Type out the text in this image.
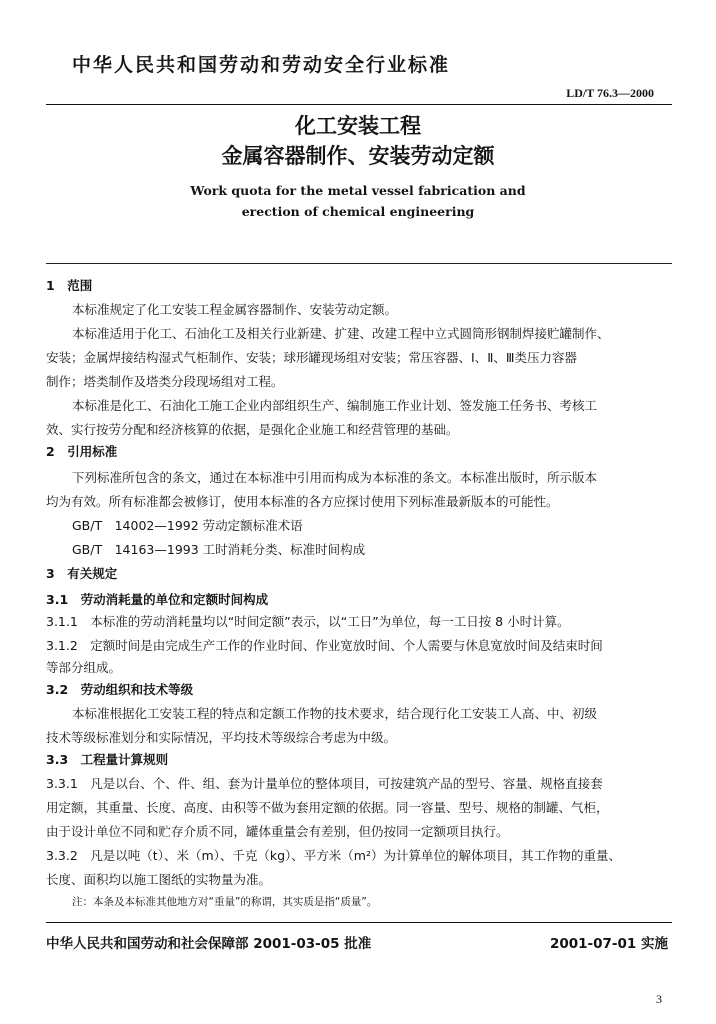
中华人民共和国劳动和劳动安全行业标准
LD/T 76.3—2000
化工安装工程
金属容器制作、安装劳动定额
Work quota for the metal vessel fabrication and
erection of chemical engineering
1　范围
本标准规定了化工安装工程金属容器制作、安装劳动定额。
本标准适用于化工、石油化工及相关行业新建、扩建、改建工程中立式圆筒形钢制焊接贮罐制作、
安装；金属焊接结构湿式气柜制作、安装；球形罐现场组对安装；常压容器、Ⅰ、Ⅱ、Ⅲ类压力容器
制作；塔类制作及塔类分段现场组对工程。
本标准是化工、石油化工施工企业内部组织生产、编制施工作业计划、签发施工任务书、考核工
效、实行按劳分配和经济核算的依据，是强化企业施工和经营管理的基础。
2　引用标准
下列标准所包含的条文，通过在本标准中引用而构成为本标准的条文。本标准出版时，所示版本
均为有效。所有标准都会被修订，使用本标准的各方应探讨使用下列标准最新版本的可能性。
GB/T　14002—1992 劳动定额标准术语
GB/T　14163—1993 工时消耗分类、标准时间构成
3　有关规定
3.1　劳动消耗量的单位和定额时间构成
3.1.1　本标准的劳动消耗量均以“时间定额”表示，以“工日”为单位，每一工日按 8 小时计算。
3.1.2　定额时间是由完成生产工作的作业时间、作业宽放时间、个人需要与休息宽放时间及结束时间
等部分组成。
3.2　劳动组织和技术等级
本标准根据化工安装工程的特点和定额工作物的技术要求，结合现行化工安装工人高、中、初级
技术等级标准划分和实际情况，平均技术等级综合考虑为中级。
3.3　工程量计算规则
3.3.1　凡是以台、个、件、组、套为计量单位的整体项目，可按建筑产品的型号、容量、规格直接套
用定额，其重量、长度、高度、由积等不做为套用定额的依据。同一容量、型号、规格的制罐、气柜，
由于设计单位不同和贮存介质不同，罐体重量会有差别，但仍按同一定额项目执行。
3.3.2　凡是以吨（t）、米（m）、千克（kg）、平方米（m²）为计算单位的解体项目，其工作物的重量、
长度、面积均以施工图纸的实物量为准。
注：本条及本标准其他地方对“重量”的称谓，其实质是指“质量”。
中华人民共和国劳动和社会保障部 2001-03-05 批准	2001-07-01 实施
3
